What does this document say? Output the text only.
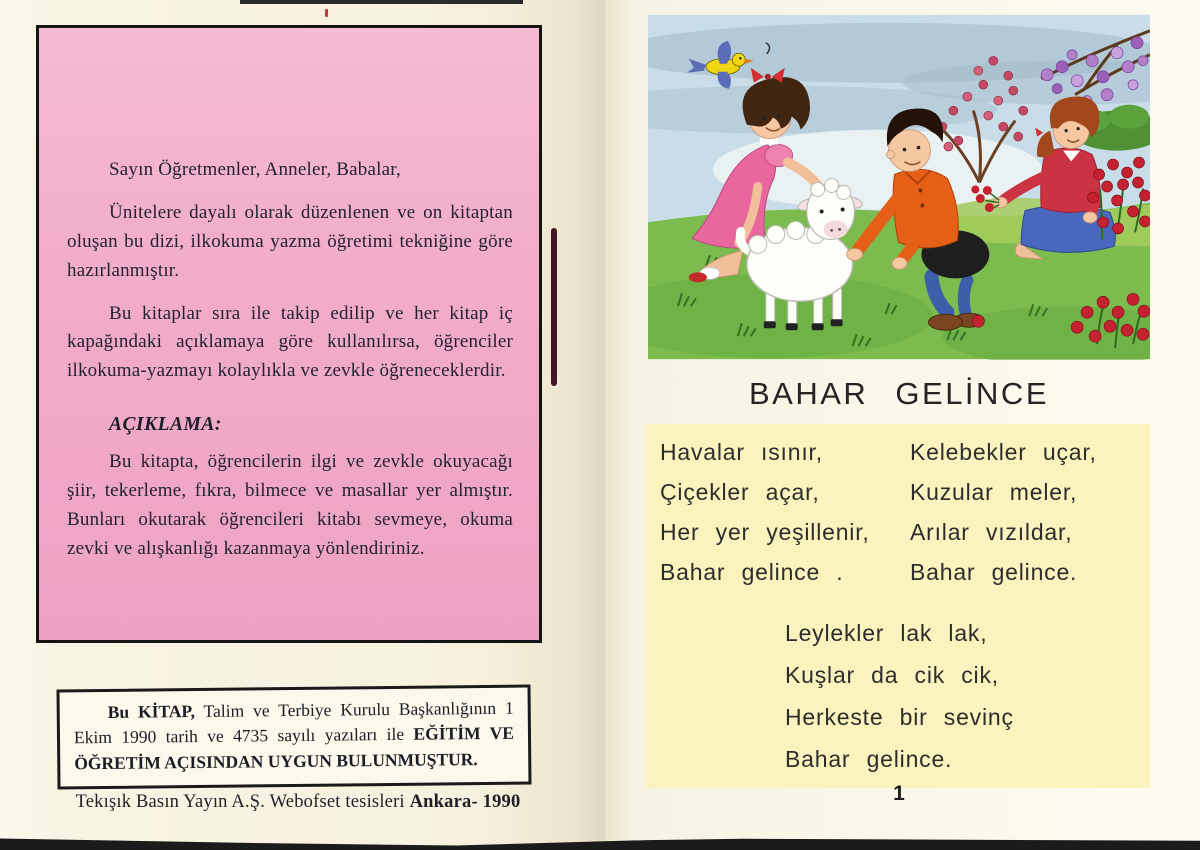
Sayın Öğretmenler, Anneler, Babalar,

Ünitelere dayalı olarak düzenlenen ve on kitaptan oluşan bu dizi, ilkokuma yazma öğretimi tekniğine göre hazırlanmıştır.

Bu kitaplar sıra ile takip edilip ve her kitap iç kapağındaki açıklamaya göre kullanılırsa, öğrenciler ilkokuma-yazmayı kolaylıkla ve zevkle öğreneceklerdir.

AÇIKLAMA:

Bu kitapta, öğrencilerin ilgi ve zevkle okuyacağı şiir, tekerleme, fıkra, bilmece ve masallar yer almıştır. Bunları okutarak öğrencileri kitabı sevmeye, okuma zevki ve alışkanlığı kazanmaya yönlendiriniz.

Bu KİTAP, Talim ve Terbiye Kurulu Başkanlığının 1 Ekim 1990 tarih ve 4735 sayılı yazıları ile EĞİTİM VE ÖĞRETİM AÇISINDAN UYGUN BULUNMUŞTUR.
Tekışık Basın Yayın A.Ş. Webofset tesisleri Ankara- 1990
BAHAR GELİNCE
Havalar ısınır,
Çiçekler açar,
Her yer yeşillenir,
Bahar gelince .
Kelebekler uçar,
Kuzular meler,
Arılar vızıldar,
Bahar gelince.
Leylekler lak lak,
Kuşlar da cik cik,
Herkeste bir sevinç
Bahar gelince.
1
